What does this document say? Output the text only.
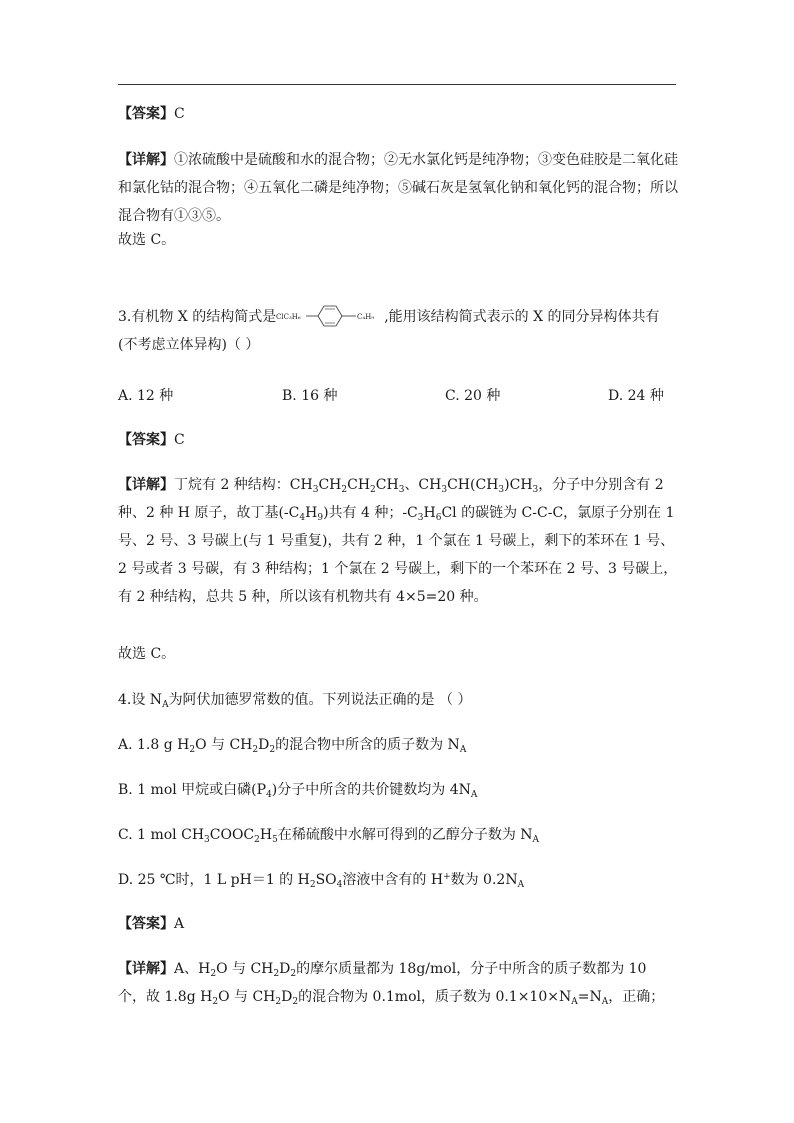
【答案】C

【详解】①浓硫酸中是硫酸和水的混合物；②无水氯化钙是纯净物；③变色硅胶是二氧化硅和氯化钴的混合物；④五氧化二磷是纯净物；⑤碱石灰是氢氧化钠和氧化钙的混合物；所以混合物有①③⑤。

故选 C。

3.有机物 X 的结构简式是 ClC₃H₆	C₄H₉ ,能用该结构简式表示的 X 的同分异构体共有(不考虑立体异构)（ ）

A. 12 种	B. 16 种	C. 20 种	D. 24 种

【答案】C

【详解】丁烷有 2 种结构：$CH_3CH_2CH_2CH_3$、$CH_3CH(CH_3)CH_3$，分子中分别含有 2 种、2 种 H 原子，故丁基$(-C_4H_9)$共有 4 种；$-C_3H_6Cl$ 的碳链为 C-C-C，氯原子分别在 1 号、2 号、3 号碳上(与 1 号重复)，共有 2 种，1 个氯在 1 号碳上，剩下的苯环在 1 号、2 号或者 3 号碳，有 3 种结构；1 个氯在 2 号碳上，剩下的一个苯环在 2 号、3 号碳上，有 2 种结构，总共 5 种，所以该有机物共有 4×5=20 种。

故选 C。

4.设 $N_A$为阿伏加德罗常数的值。下列说法正确的是 （ ）

A. 1.8 g $H_2O$ 与 $CH_2D_2$的混合物中所含的质子数为 $N_A$

B. 1 mol 甲烷或白磷$(P_4)$分子中所含的共价键数均为 $4N_A$

C. 1 mol $CH_3COOC_2H_5$在稀硫酸中水解可得到的乙醇分子数为 $N_A$

D. 25 ℃时，1 L pH＝1 的 $H_2SO_4$溶液中含有的 H+数为 $0.2N_A$

【答案】A

【详解】A、$H_2O$ 与 $CH_2D_2$的摩尔质量都为 18g/mol，分子中所含的质子数都为 10 个，故 1.8g $H_2O$ 与 $CH_2D_2$的混合物为 0.1mol，质子数为 $0.1\times 10\times N_A=N_A$，正确；
